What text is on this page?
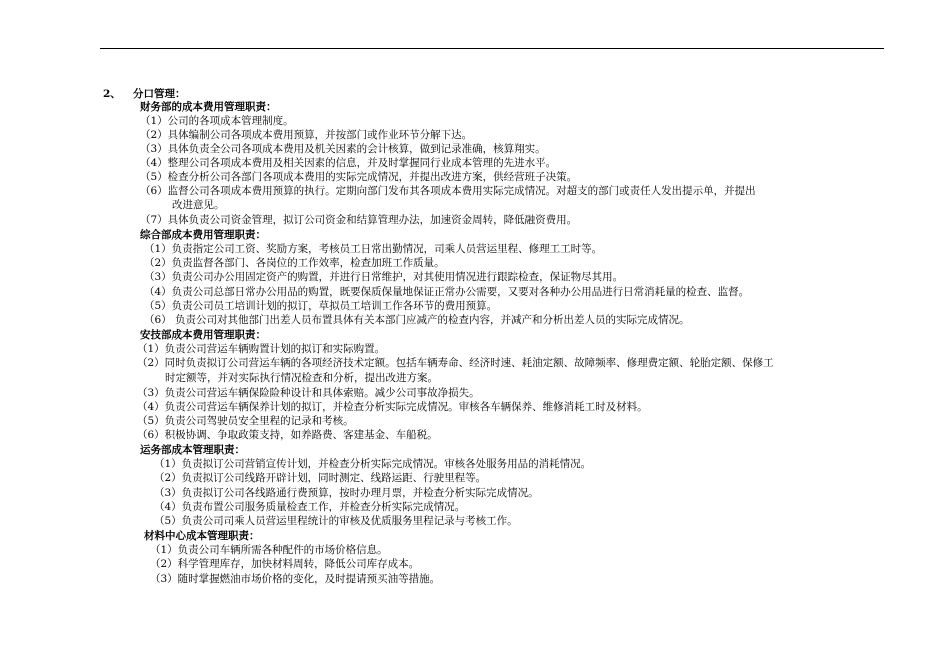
2、 分口管理：
财务部的成本费用管理职责：
（1）公司的各项成本管理制度。
（2）具体编制公司各项成本费用预算，并按部门或作业环节分解下达。
（3）具体负责全公司各项成本费用及机关因素的会计核算，做到记录准确，核算翔实。
（4）整理公司各项成本费用及相关因素的信息，并及时掌握同行业成本管理的先进水平。
（5）检查分析公司各部门各项成本费用的实际完成情况，并提出改进方案，供经营班子决策。
（6）监督公司各项成本费用预算的执行。定期向部门发布其各项成本费用实际完成情况。对超支的部门或责任人发出提示单，并提出
改进意见。
（7）具体负责公司资金管理，拟订公司资金和结算管理办法，加速资金周转，降低融资费用。
综合部成本费用管理职责：
（1）负责指定公司工资、奖励方案，考核员工日常出勤情况，司乘人员营运里程、修理工工时等。
（2）负责监督各部门、各岗位的工作效率，检查加班工作质量。
（3）负责公司办公用固定资产的购置，并进行日常维护，对其使用情况进行跟踪检查，保证物尽其用。
（4）负责公司总部日常办公用品的购置，既要保质保量地保证正常办公需要，又要对各种办公用品进行日常消耗量的检查、监督。
（5）负责公司员工培训计划的拟订，草拟员工培训工作各环节的费用预算。
（6） 负责公司对其他部门出差人员布置具体有关本部门应减产的检查内容，并减产和分析出差人员的实际完成情况。
安技部成本费用管理职责：
（1）负责公司营运车辆购置计划的拟订和实际购置。
（2）同时负责拟订公司营运车辆的各项经济技术定额。包括车辆寿命、经济时速、耗油定额、故障频率、修理费定额、轮胎定额、保修工
时定额等，并对实际执行情况检查和分析，提出改进方案。
（3）负责公司营运车辆保险险种设计和具体索赔。减少公司事故净损失。
（4）负责公司营运车辆保养计划的拟订，并检查分析实际完成情况。审核各车辆保养、维修消耗工时及材料。
（5）负责公司驾驶员安全里程的记录和考核。
（6）积极协调、争取政策支持，如养路费、客建基金、车船税。
运务部成本管理职责：
（1）负责拟订公司营销宣传计划，并检查分析实际完成情况。审核各处服务用品的消耗情况。
（2）负责拟订公司线路开辟计划，同时测定、线路运距、行驶里程等。
（3）负责拟订公司各线路通行费预算，按时办理月票，并检查分析实际完成情况。
（4）负责布置公司服务质量检查工作，并检查分析实际完成情况。
（5）负责公司司乘人员营运里程统计的审核及优质服务里程记录与考核工作。
材料中心成本管理职责：
（1）负责公司车辆所需各种配件的市场价格信息。
（2）科学管理库存，加快材料周转，降低公司库存成本。
（3）随时掌握燃油市场价格的变化，及时提请预买油等措施。
